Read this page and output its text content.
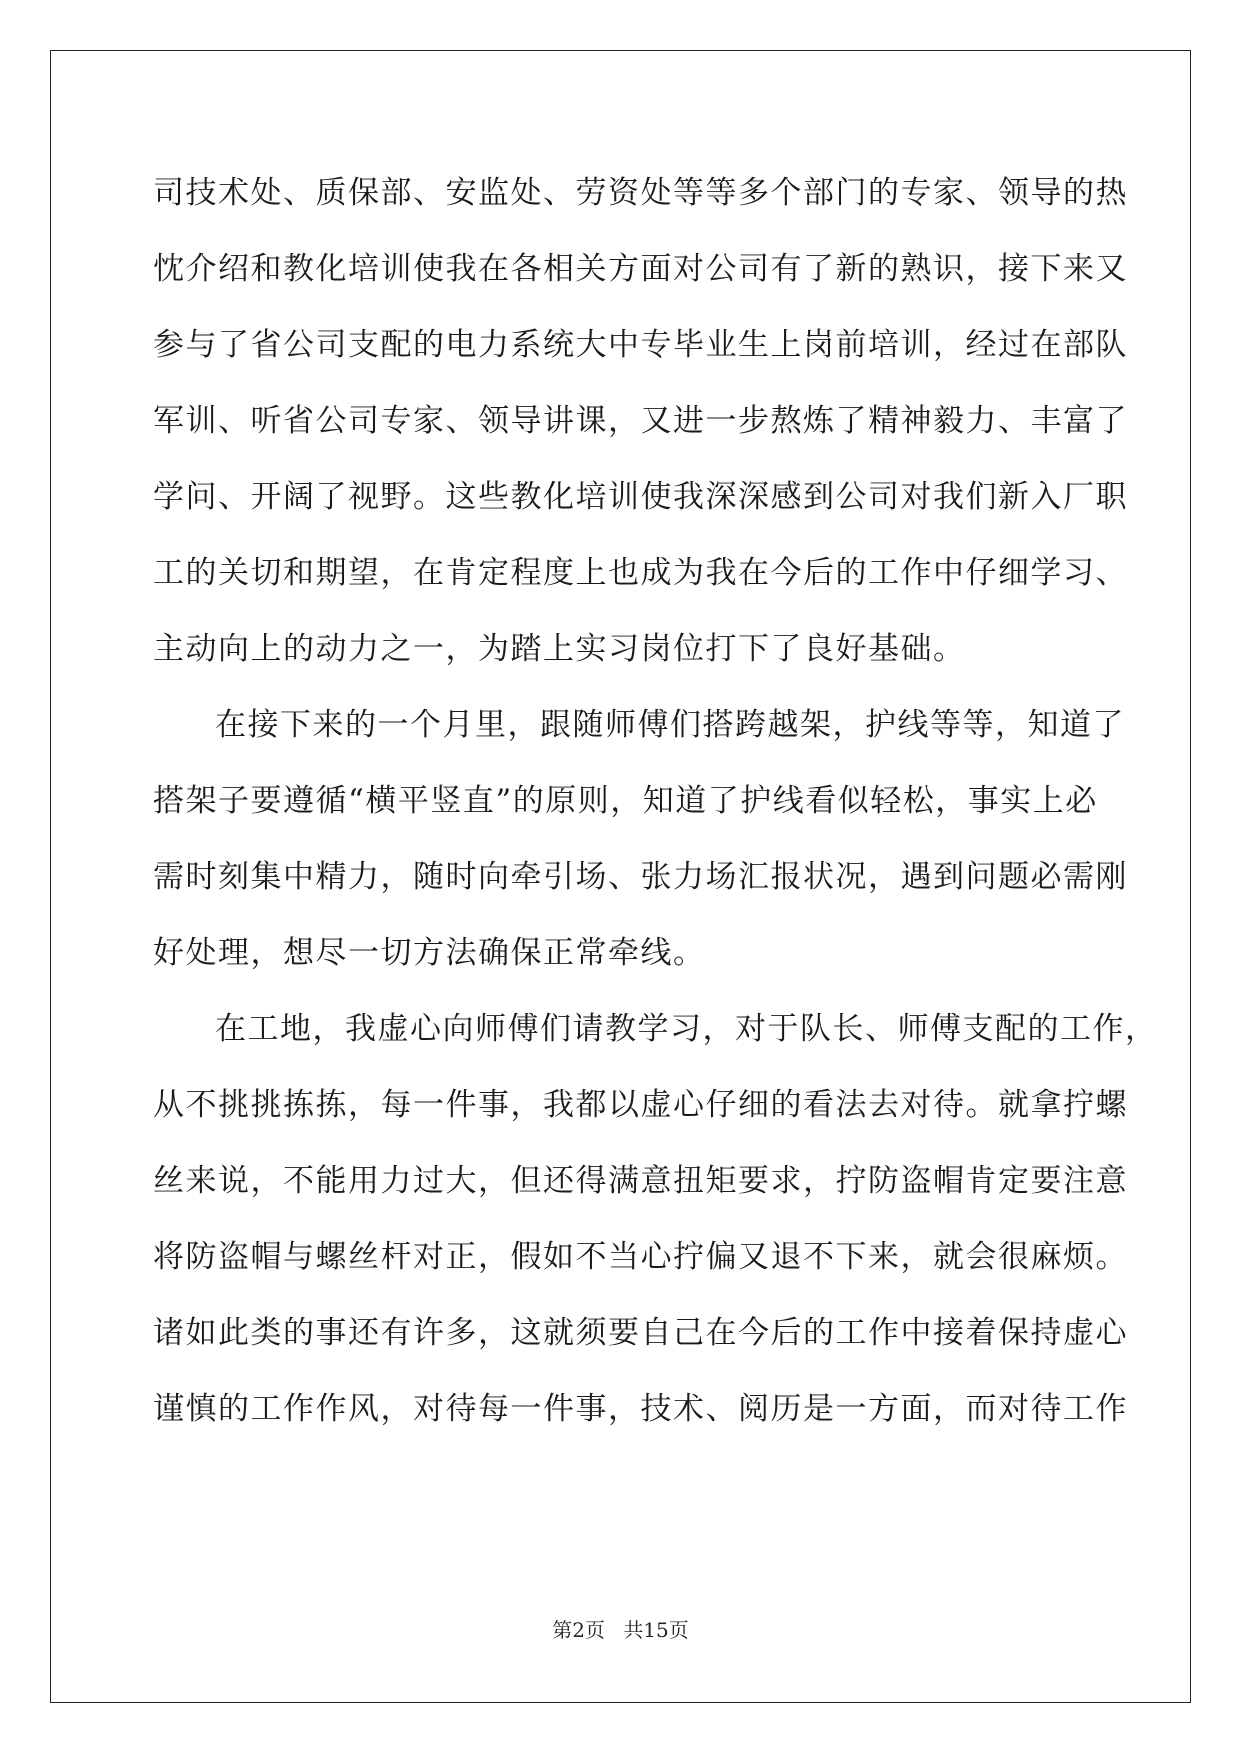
司技术处、质保部、安监处、劳资处等等多个部门的专家、领导的热
忱介绍和教化培训使我在各相关方面对公司有了新的熟识，接下来又
参与了省公司支配的电力系统大中专毕业生上岗前培训，经过在部队
军训、听省公司专家、领导讲课，又进一步熬炼了精神毅力、丰富了
学问、开阔了视野。这些教化培训使我深深感到公司对我们新入厂职
工的关切和期望，在肯定程度上也成为我在今后的工作中仔细学习、
主动向上的动力之一，为踏上实习岗位打下了良好基础。
在接下来的一个月里，跟随师傅们搭跨越架，护线等等，知道了
搭架子要遵循“横平竖直”的原则，知道了护线看似轻松，事实上必
需时刻集中精力，随时向牵引场、张力场汇报状况，遇到问题必需刚
好处理，想尽一切方法确保正常牵线。
在工地，我虚心向师傅们请教学习，对于队长、师傅支配的工作，
从不挑挑拣拣，每一件事，我都以虚心仔细的看法去对待。就拿拧螺
丝来说，不能用力过大，但还得满意扭矩要求，拧防盗帽肯定要注意
将防盗帽与螺丝杆对正，假如不当心拧偏又退不下来，就会很麻烦。
诸如此类的事还有许多，这就须要自己在今后的工作中接着保持虚心
谨慎的工作作风，对待每一件事，技术、阅历是一方面，而对待工作
第2页 共15页
